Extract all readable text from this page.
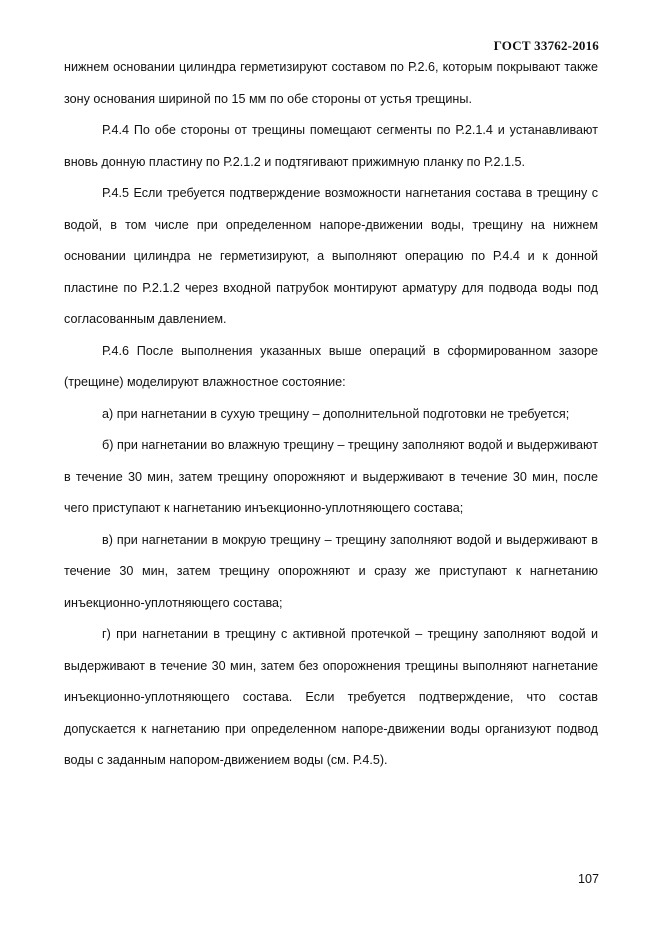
ГОСТ 33762-2016

нижнем основании цилиндра герметизируют составом по Р.2.6, которым покрывают также зону основания шириной по 15 мм по обе стороны от устья трещины.

Р.4.4 По обе стороны от трещины помещают сегменты по Р.2.1.4 и устанавливают вновь донную пластину по Р.2.1.2 и подтягивают прижимную планку по Р.2.1.5.

Р.4.5 Если требуется подтверждение возможности нагнетания состава в трещину с водой, в том числе при определенном напоре-движении воды, трещину на нижнем основании цилиндра не герметизируют, а выполняют операцию по Р.4.4 и к донной пластине по Р.2.1.2 через входной патрубок монтируют арматуру для подвода воды под согласованным давлением.

Р.4.6 После выполнения указанных выше операций в сформированном зазоре (трещине) моделируют влажностное состояние:

а) при нагнетании в сухую трещину – дополнительной подготовки не требуется;

б) при нагнетании во влажную трещину – трещину заполняют водой и выдерживают в течение 30 мин, затем трещину опорожняют и выдерживают в течение 30 мин, после чего приступают к нагнетанию инъекционно-уплотняющего состава;

в) при нагнетании в мокрую трещину – трещину заполняют водой и выдерживают в течение 30 мин, затем трещину опорожняют и сразу же приступают к нагнетанию инъекционно-уплотняющего состава;

г) при нагнетании в трещину с активной протечкой – трещину заполняют водой и выдерживают в течение 30 мин, затем без опорожнения трещины выполняют нагнетание инъекционно-уплотняющего состава. Если требуется подтверждение, что состав допускается к нагнетанию при определенном напоре-движении воды организуют подвод воды с заданным напором-движением воды (см. Р.4.5).

107
